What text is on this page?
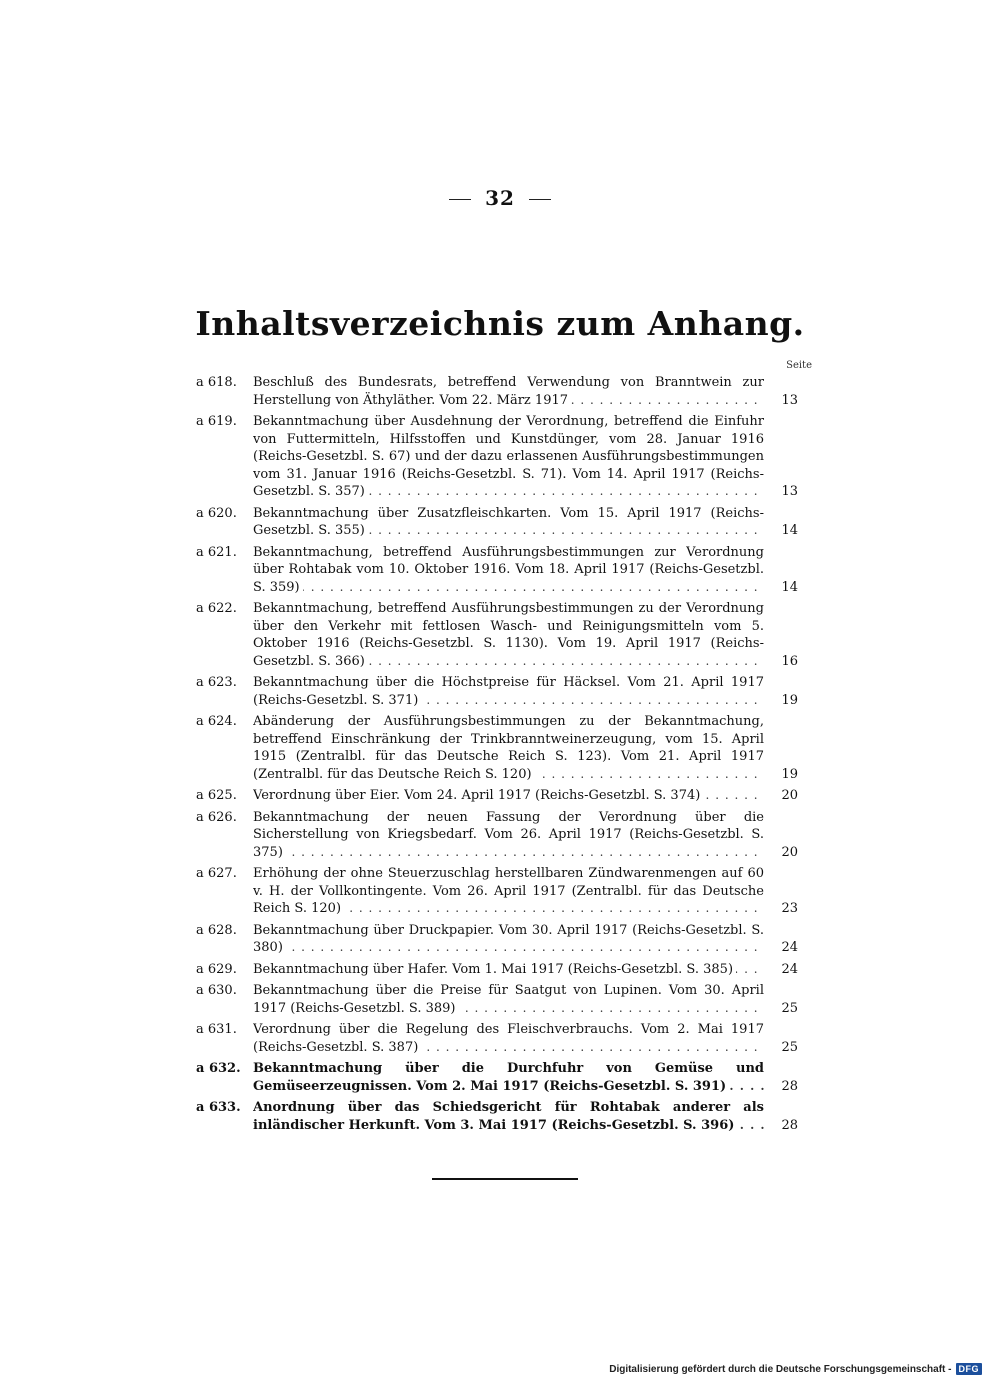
32
Inhaltsverzeichnis zum Anhang.
Seite
a 618.	Beschluß des Bundesrats, betreffend Verwendung von Branntwein zur Herstellung von Äthyläther. Vom 22. März 1917 . . .	13
a 619.	Bekanntmachung über Ausdehnung der Verordnung, betreffend die Einfuhr von Futtermitteln, Hilfsstoffen und Kunstdünger, vom 28. Januar 1916 (Reichs-Gesetzbl. S. 67) und der dazu erlassenen Ausführungsbestimmungen vom 31. Januar 1916 (Reichs-Gesetzbl. S. 71). Vom 14. April 1917 (Reichs-Gesetzbl. S. 357) . . .	13
a 620.	Bekanntmachung über Zusatzfleischkarten. Vom 15. April 1917 (Reichs-Gesetzbl. S. 355) . . .	14
a 621.	Bekanntmachung, betreffend Ausführungsbestimmungen zur Verordnung über Rohtabak vom 10. Oktober 1916. Vom 18. April 1917 (Reichs-Gesetzbl. S. 359) . . .	14
a 622.	Bekanntmachung, betreffend Ausführungsbestimmungen zu der Verordnung über den Verkehr mit fettlosen Wasch- und Reinigungsmitteln vom 5. Oktober 1916 (Reichs-Gesetzbl. S. 1130). Vom 19. April 1917 (Reichs-Gesetzbl. S. 366) . . .	16
a 623.	Bekanntmachung über die Höchstpreise für Häcksel. Vom 21. April 1917 (Reichs-Gesetzbl. S. 371) . . .	19
a 624.	Abänderung der Ausführungsbestimmungen zu der Bekanntmachung, betreffend Einschränkung der Trinkbranntweinerzeugung, vom 15. April 1915 (Zentralbl. für das Deutsche Reich S. 123). Vom 21. April 1917 (Zentralbl. für das Deutsche Reich S. 120) . . .	19
a 625.	Verordnung über Eier. Vom 24. April 1917 (Reichs-Gesetzbl. S. 374) . . .	20
a 626.	Bekanntmachung der neuen Fassung der Verordnung über die Sicherstellung von Kriegsbedarf. Vom 26. April 1917 (Reichs-Gesetzbl. S. 375) . . .	20
a 627.	Erhöhung der ohne Steuerzuschlag herstellbaren Zündwarenmengen auf 60 v. H. der Vollkontingente. Vom 26. April 1917 (Zentralbl. für das Deutsche Reich S. 120) . . .	23
a 628.	Bekanntmachung über Druckpapier. Vom 30. April 1917 (Reichs-Gesetzbl. S. 380) . . .	24
a 629.	Bekanntmachung über Hafer. Vom 1. Mai 1917 (Reichs-Gesetzbl. S. 385) . . .	24
a 630.	Bekanntmachung über die Preise für Saatgut von Lupinen. Vom 30. April 1917 (Reichs-Gesetzbl. S. 389) . . .	25
a 631.	Verordnung über die Regelung des Fleischverbrauchs. Vom 2. Mai 1917 (Reichs-Gesetzbl. S. 387) . . .	25
a 632. Bekanntmachung über die Durchfuhr von Gemüse und Gemüseerzeugnissen. Vom 2. Mai 1917 (Reichs-Gesetzbl. S. 391) . . .	28
a 633. Anordnung über das Schiedsgericht für Rohtabak anderer als inländischer Herkunft. Vom 3. Mai 1917 (Reichs-Gesetzbl. S. 396) . . .	28
Digitalisierung gefördert durch die Deutsche Forschungsgemeinschaft - DFG
